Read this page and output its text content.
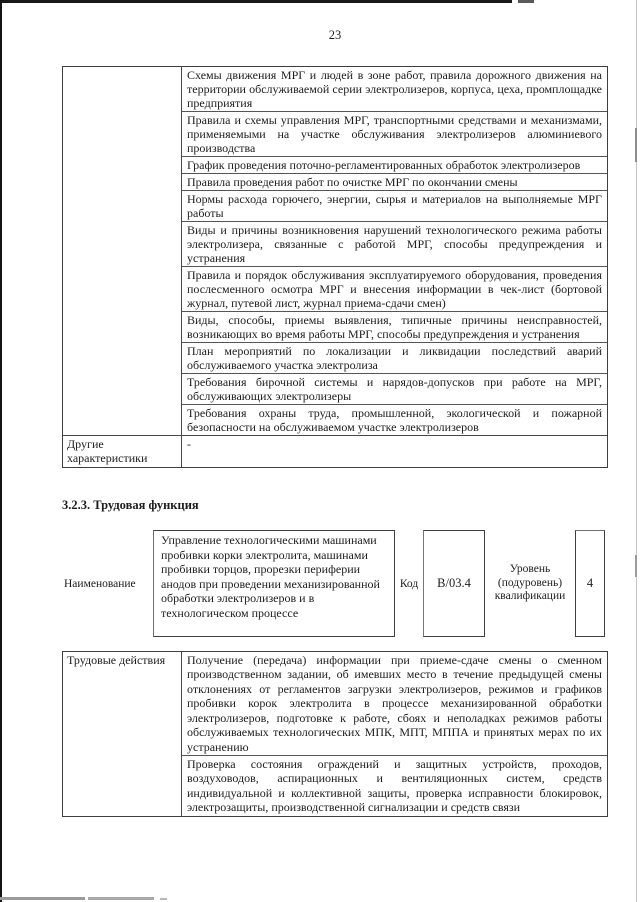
23
Схемы движения МРГ и людей в зоне работ, правила дорожного движения на территории обслуживаемой серии электролизеров, корпуса, цеха, промплощадке предприятия
Правила и схемы управления МРГ, транспортными средствами и механизмами, применяемыми на участке обслуживания электролизеров алюминиевого производства
График проведения поточно-регламентированных обработок электролизеров
Правила проведения работ по очистке МРГ по окончании смены
Нормы расхода горючего, энергии, сырья и материалов на выполняемые МРГ работы
Виды и причины возникновения нарушений технологического режима работы электролизера, связанные с работой МРГ, способы предупреждения и устранения
Правила и порядок обслуживания эксплуатируемого оборудования, проведения послесменного осмотра МРГ и внесения информации в чек-лист (бортовой журнал, путевой лист, журнал приема-сдачи смен)
Виды, способы, приемы выявления, типичные причины неисправностей, возникающих во время работы МРГ, способы предупреждения и устранения
План мероприятий по локализации и ликвидации последствий аварий обслуживаемого участка электролиза
Требования бирочной системы и нарядов-допусков при работе на МРГ, обслуживающих электролизеры
Требования охраны труда, промышленной, экологической и пожарной безопасности на обслуживаемом участке электролизеров
Другие характеристики
-
3.2.3. Трудовая функция
Наименование
Управление технологическими машинами пробивки корки электролита, машинами пробивки торцов, прорезки периферии анодов при проведении механизированной обработки электролизеров и в технологическом процессе
Код	В/03.4
Уровень (подуровень) квалификации
4
Трудовые действия	Получение (передача) информации при приеме-сдаче смены о сменном производственном задании, об имевших место в течение предыдущей смены отклонениях от регламентов загрузки электролизеров, режимов и графиков пробивки корок электролита в процессе механизированной обработки электролизеров, подготовке к работе, сбоях и неполадках режимов работы обслуживаемых технологических МПК, МПТ, МППА и принятых мерах по их устранению
Проверка состояния ограждений и защитных устройств, проходов, воздуховодов, аспирационных и вентиляционных систем, средств индивидуальной и коллективной защиты, проверка исправности блокировок, электрозащиты, производственной сигнализации и средств связи
